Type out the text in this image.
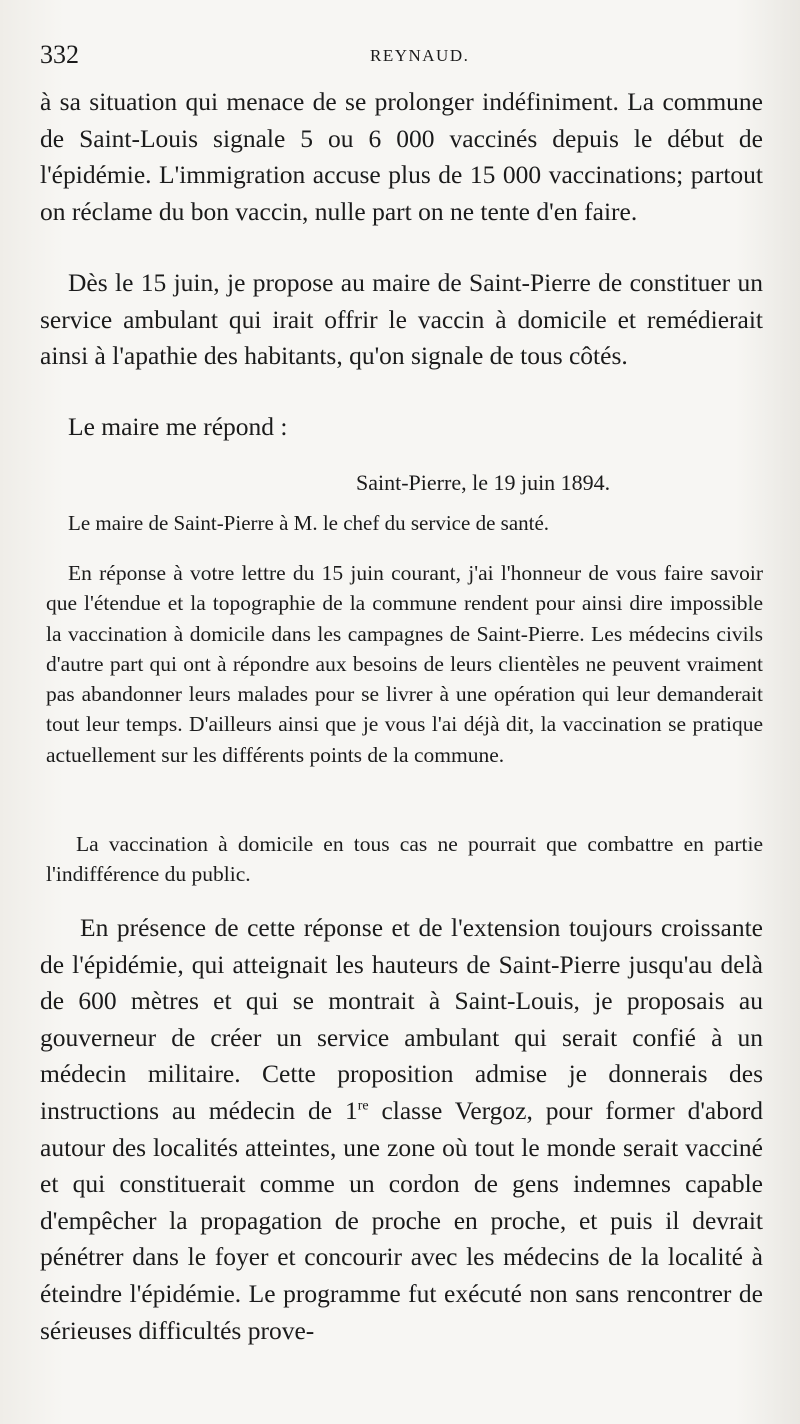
332	REYNAUD.

à sa situation qui menace de se prolonger indéfiniment. La commune de Saint-Louis signale 5 ou 6 000 vaccinés depuis le début de l'épidémie. L'immigration accuse plus de 15 000 vaccinations; partout on réclame du bon vaccin, nulle part on ne tente d'en faire.

Dès le 15 juin, je propose au maire de Saint-Pierre de constituer un service ambulant qui irait offrir le vaccin à domicile et remédierait ainsi à l'apathie des habitants, qu'on signale de tous côtés.

Le maire me répond :

Saint-Pierre, le 19 juin 1894.

Le maire de Saint-Pierre à M. le chef du service de santé.

En réponse à votre lettre du 15 juin courant, j'ai l'honneur de vous faire savoir que l'étendue et la topographie de la commune rendent pour ainsi dire impossible la vaccination à domicile dans les campagnes de Saint-Pierre. Les médecins civils d'autre part qui ont à répondre aux besoins de leurs clientèles ne peuvent vraiment pas abandonner leurs malades pour se livrer à une opération qui leur demanderait tout leur temps. D'ailleurs ainsi que je vous l'ai déjà dit, la vaccination se pratique actuellement sur les différents points de la commune.

La vaccination à domicile en tous cas ne pourrait que combattre en partie l'indifférence du public.

En présence de cette réponse et de l'extension toujours croissante de l'épidémie, qui atteignait les hauteurs de Saint-Pierre jusqu'au delà de 600 mètres et qui se montrait à Saint-Louis, je proposais au gouverneur de créer un service ambulant qui serait confié à un médecin militaire. Cette proposition admise je donnerais des instructions au médecin de 1re classe Vergoz, pour former d'abord autour des localités atteintes, une zone où tout le monde serait vacciné et qui constituerait comme un cordon de gens indemnes capable d'empêcher la propagation de proche en proche, et puis il devrait pénétrer dans le foyer et concourir avec les médecins de la localité à éteindre l'épidémie. Le programme fut exécuté non sans rencontrer de sérieuses difficultés prove-
